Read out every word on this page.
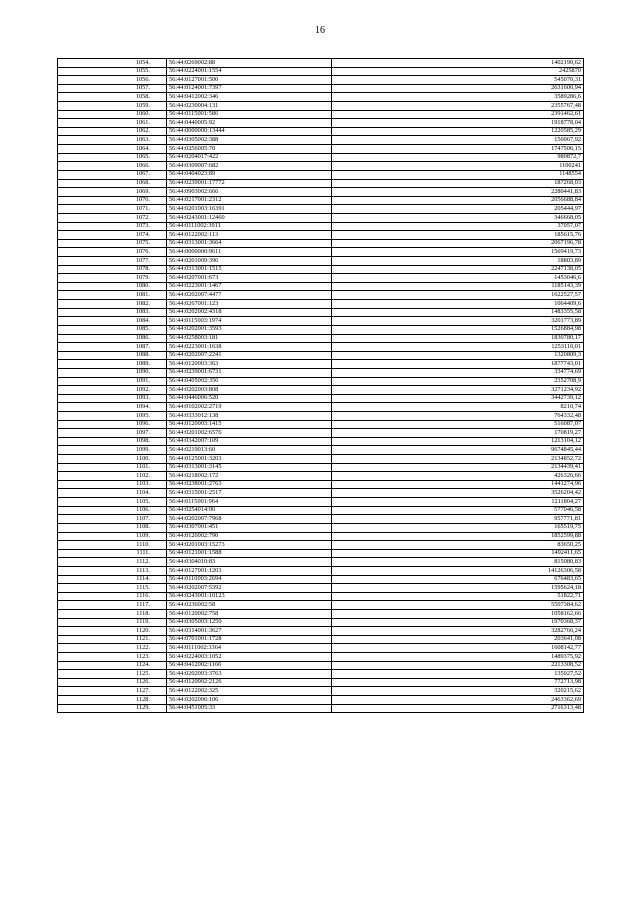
16
1054.	56:44:0269002:88	1402190,62
1055.	56:44:0224001:1554	2425870
1056.	56:44:0127001:500	545070,31
1057.	56:44:0124001:7397	2631600,94
1058.	56:44:0412002:346	3589286,6
1059.	56:44:0230004:131	2355767,48
1060.	56:44:0115001:586	2391462,61
1061.	56:44:0440005:92	1918778,04
1062.	56:44:0000000:13444	1220585,29
1063.	56:44:0305002:388	150067,92
1064.	56:44:0256005:70	1747506,15
1065.	56:44:0204017:422	980872,7
1066.	56:44:0309007:682	1100241
1067.	56:44:0404023:89	1148554
1068.	56:44:0239001:17772	187268,03
1069.	56:44:0903002:666	2280441,83
1070.	56:44:0217001:2312	2056688,84
1071.	56:44:0201003:16391	205444,97
1072.	56:44:0243001:12460	346668,05
1073.	56:44:0111002:3911	37057,07
1074.	56:44:0122002:113	185615,76
1075.	56:44:0313001:3664	2067196,78
1076.	56:44:0000000:9611	1569419,73
1077.	56:44:0201009:396	18803,89
1078.	56:44:0313001:1515	2247138,05
1079.	56:44:0207001:673	1453046,6
1080.	56:44:0223001:1467	1185143,39
1081.	56:44:0202007:4477	1622527,57
1082.	56:44:0267001:123	1064409,6
1083.	56:44:0202002:4318	1483355,58
1084.	56:44:0115003:1974	3201773,89
1085.	56:44:0202001:3593	1526884,98
1086.	56:44:0258003:181	1830780,17
1087.	56:44:0223001:1638	1253110,01
1088.	56:44:0202007:2241	1320809,3
1089.	56:44:0120003:363	1877743,01
1090.	56:44:0239001:6731	334774,69
1091.	56:44:0405002:356	2352708,9
1092.	56:44:0202003:808	3271234,92
1093.	56:44:0446006:520	3442739,12
1094.	56:44:0102002:2719	8210,74
1095.	56:44:0333012:138	764332,48
1096.	56:44:0120003:1415	516087,07
1097.	56:44:0201002:6576	170819,27
1098.	56:44:0342007:109	1213104,12
1099.	56:44:0219013:60	9674845,44
1100.	56:44:0125001:3203	2134852,72
1101.	56:44:0313001:3145	2134439,41
1102.	56:44:0218002:172	426326,66
1103.	56:44:0238001:2763	1441274,96
1104.	56:44:0315001:2517	3526204,42
1105.	56:44:0115001:964	1211804,27
1106.	56:44:0254014:90	577046,58
1107.	56:44:0202007:7968	957771,81
1108.	56:44:0307001:451	165519,75
1109.	56:44:0126002:790	1852599,88
1110.	56:44:0201003:15273	83650,25
1111.	56:44:0121001:1588	1492411,65
1112.	56:44:0304010:83	815080,83
1113.	56:44:0127001:1203	14126306,58
1114.	56:44:0110003:2694	676483,65
1115.	56:44:0202007:5392	1595624,18
1116.	56:44:0243001:10123	51822,71
1117.	56:44:0236002:58	5507384,62
1118.	56:44:0120002:758	1058162,66
1119.	56:44:0305003:1250	1970368,37
1120.	56:44:0314001:3627	3282766,24
1121.	56:44:0701001:1728	203641,08
1122.	56:44:0111002:3364	1608142,77
1123.	56:44:0224003:1052	1489375,92
1124.	56:44:0412002:1166	2213308,52
1125.	56:44:0202003:3763	135927,52
1126.	56:44:0120002:2126	772713,98
1127.	56:44:0122002:325	320215,62
1128.	56:44:0202006:106	2463362,69
1129.	56:44:0451005:33	2716313,48
